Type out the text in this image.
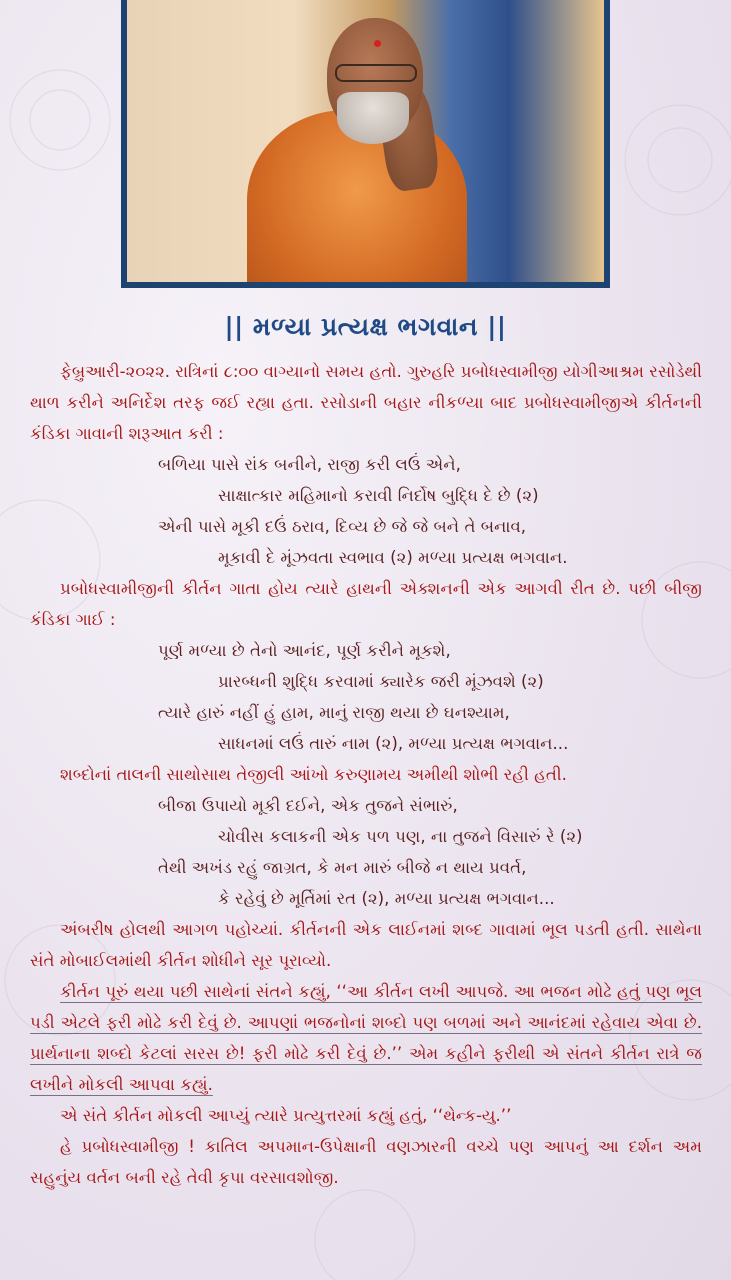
|| મળ્યા પ્રત્યક્ષ ભગવાન ||

ફેબ્રુઆરી-૨૦૨૨. રાત્રિનાં ૮:૦૦ વાગ્યાનો સમય હતો. ગુરુહરિ પ્રબોધસ્વામીજી યોગીઆશ્રમ રસોડેથી થાળ કરીને અનિર્દેશ તરફ જઈ રહ્યા હતા. રસોડાની બહાર નીકળ્યા બાદ પ્રબોધસ્વામીજીએ કીર્તનની કંડિકા ગાવાની શરૂઆત કરી :

બળિયા પાસે રાંક બનીને, રાજી કરી લઉં એને,

સાક્ષાત્કાર મહિમાનો કરાવી નિર્દોષ બુદ્ધિ દે છે (૨)

એની પાસે મૂકી દઉં ઠરાવ, દિવ્ય છે જે જે બને તે બનાવ,

મૂકાવી દે મૂંઝવતા સ્વભાવ (૨) મળ્યા પ્રત્યક્ષ ભગવાન.

પ્રબોધસ્વામીજીની કીર્તન ગાતા હોય ત્યારે હાથની એક્શનની એક આગવી રીત છે. પછી બીજી કંડિકા ગાઈ :

પૂર્ણ મળ્યા છે તેનો આનંદ, પૂર્ણ કરીને મૂકશે,

પ્રારબ્ધની શુદ્ધિ કરવામાં ક્યારેક જરી મૂંઝવશે (૨)

ત્યારે હારું નહીં હું હામ, માનું રાજી થયા છે ઘનશ્યામ,

સાધનમાં લઉં તારું નામ (૨), મળ્યા પ્રત્યક્ષ ભગવાન...

શબ્દોનાં તાલની સાથોસાથ તેજીલી આંખો કરુણામય અમીથી શોભી રહી હતી.

બીજા ઉપાયો મૂકી દઈને, એક તુજને સંભારું,

ચોવીસ કલાકની એક પળ પણ, ના તુજને વિસારું રે (૨)

તેથી અખંડ રહું જાગ્રત, કે મન મારું બીજે ન થાય પ્રવર્ત,

કે રહેવું છે મૂર્તિમાં રત (૨), મળ્યા પ્રત્યક્ષ ભગવાન...

અંબરીષ હોલથી આગળ પહોચ્યાં. કીર્તનની એક લાઈનમાં શબ્દ ગાવામાં ભૂલ પડતી હતી. સાથેના સંતે મોબાઈલમાંથી કીર્તન શોધીને સૂર પૂરાવ્યો.

કીર્તન પૂરું થયા પછી સાથેનાં સંતને કહ્યું, ‘‘આ કીર્તન લખી આપજે. આ ભજન મોઢે હતું પણ ભૂલ પડી એટલે ફરી મોઢે કરી દેવું છે. આપણાં ભજનોનાં શબ્દો પણ બળમાં અને આનંદમાં રહેવાય એવા છે. પ્રાર્થનાના શબ્દો કેટલાં સરસ છે! ફરી મોઢે કરી દેવું છે.’’ એમ કહીને ફરીથી એ સંતને કીર્તન રાત્રે જ લખીને મોકલી આપવા કહ્યું.

એ સંતે કીર્તન મોકલી આપ્યું ત્યારે પ્રત્યુત્તરમાં કહ્યું હતું, ‘‘થેન્ક-યુ.’’

હે પ્રબોધસ્વામીજી ! કાતિલ અપમાન-ઉપેક્ષાની વણઝારની વચ્ચે પણ આપનું આ દર્શન અમ સહુનુંય વર્તન બની રહે તેવી કૃપા વરસાવશોજી.
